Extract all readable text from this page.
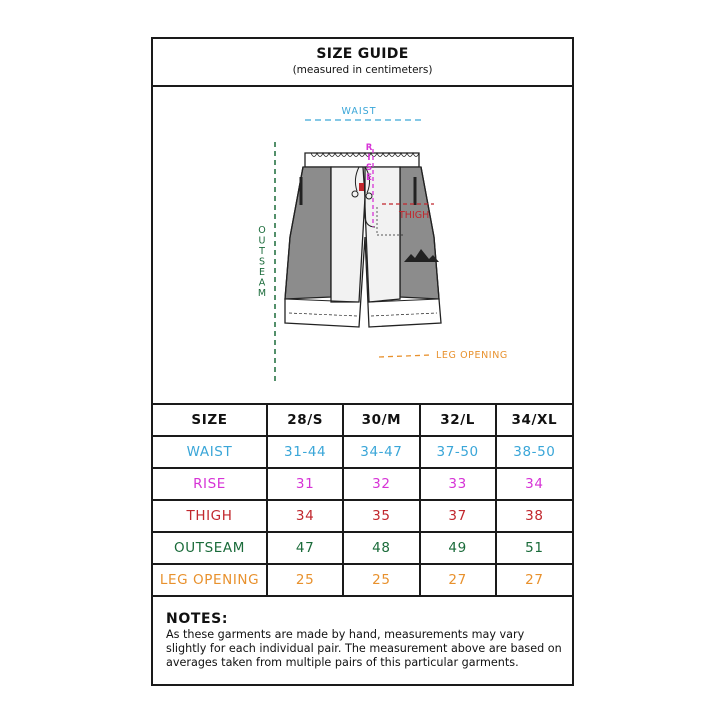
SIZE GUIDE
(measured in centimeters)
WAIST
O
U
T
S
E
A
M
R
I
S
E
THIGH
LEG OPENING
SIZE	28/S	30/M	32/L	34/XL
WAIST	31-44	34-47	37-50	38-50
RISE	31	32	33	34
THIGH	34	35	37	38
OUTSEAM	47	48	49	51
LEG OPENING	25	25	27	27
NOTES:
As these garments are made by hand, measurements may vary slightly for each individual pair. The measurement above are based on averages taken from multiple pairs of this particular garments.
